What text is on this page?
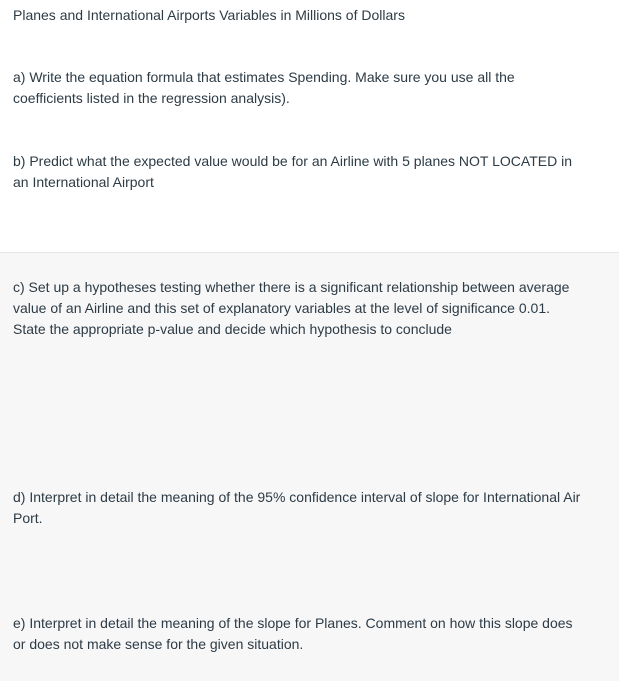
Planes and International Airports Variables in Millions of Dollars

a) Write the equation formula that estimates Spending. Make sure you use all the coefficients listed in the regression analysis).

b) Predict what the expected value would be for an Airline with 5 planes NOT LOCATED in an International Airport

c) Set up a hypotheses testing whether there is a significant relationship between average value of an Airline and this set of explanatory variables at the level of significance 0.01. State the appropriate p-value and decide which hypothesis to conclude

d) Interpret in detail the meaning of the 95% confidence interval of slope for International Air Port.

e) Interpret in detail the meaning of the slope for Planes. Comment on how this slope does or does not make sense for the given situation.
